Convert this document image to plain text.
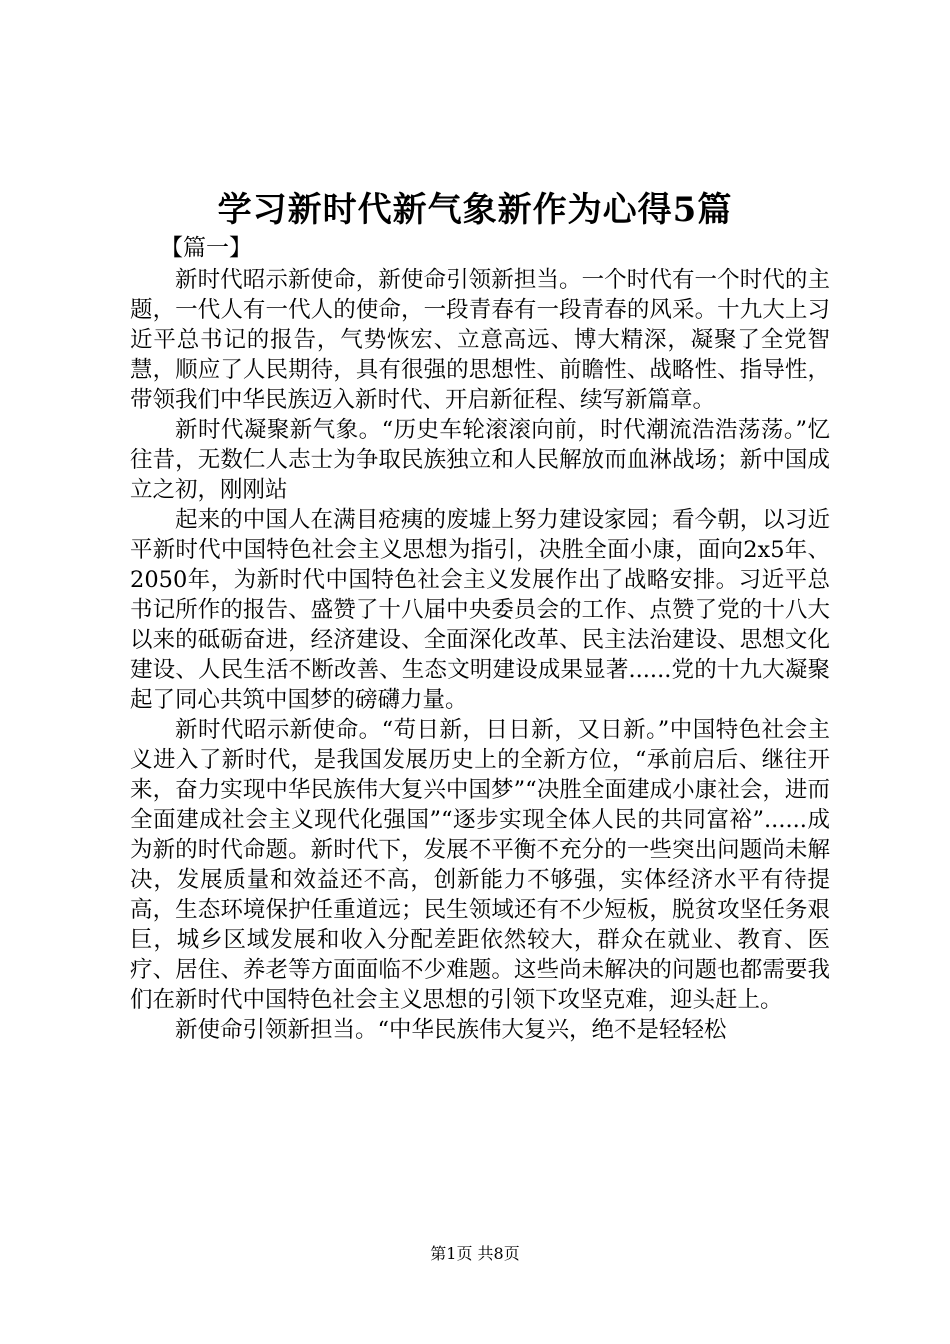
学习新时代新气象新作为心得5篇
【篇一】

新时代昭示新使命，新使命引领新担当。一个时代有一个时代的主题，一代人有一代人的使命，一段青春有一段青春的风采。十九大上习近平总书记的报告，气势恢宏、立意高远、博大精深，凝聚了全党智慧，顺应了人民期待，具有很强的思想性、前瞻性、战略性、指导性，带领我们中华民族迈入新时代、开启新征程、续写新篇章。

新时代凝聚新气象。“历史车轮滚滚向前，时代潮流浩浩荡荡。”忆往昔，无数仁人志士为争取民族独立和人民解放而血淋战场；新中国成立之初，刚刚站

起来的中国人在满目疮痍的废墟上努力建设家园；看今朝，以习近平新时代中国特色社会主义思想为指引，决胜全面小康，面向2x5年、2050年，为新时代中国特色社会主义发展作出了战略安排。习近平总书记所作的报告、盛赞了十八届中央委员会的工作、点赞了党的十八大以来的砥砺奋进，经济建设、全面深化改革、民主法治建设、思想文化建设、人民生活不断改善、生态文明建设成果显著......党的十九大凝聚起了同心共筑中国梦的磅礴力量。

新时代昭示新使命。“苟日新，日日新，又日新。”中国特色社会主义进入了新时代，是我国发展历史上的全新方位，“承前启后、继往开来，奋力实现中华民族伟大复兴中国梦”“决胜全面建成小康社会，进而全面建成社会主义现代化强国”“逐步实现全体人民的共同富裕”......成为新的时代命题。新时代下，发展不平衡不充分的一些突出问题尚未解决，发展质量和效益还不高，创新能力不够强，实体经济水平有待提高，生态环境保护任重道远；民生领域还有不少短板，脱贫攻坚任务艰巨，城乡区域发展和收入分配差距依然较大，群众在就业、教育、医疗、居住、养老等方面面临不少难题。这些尚未解决的问题也都需要我们在新时代中国特色社会主义思想的引领下攻坚克难，迎头赶上。

新使命引领新担当。“中华民族伟大复兴，绝不是轻轻松

第1页 共8页
